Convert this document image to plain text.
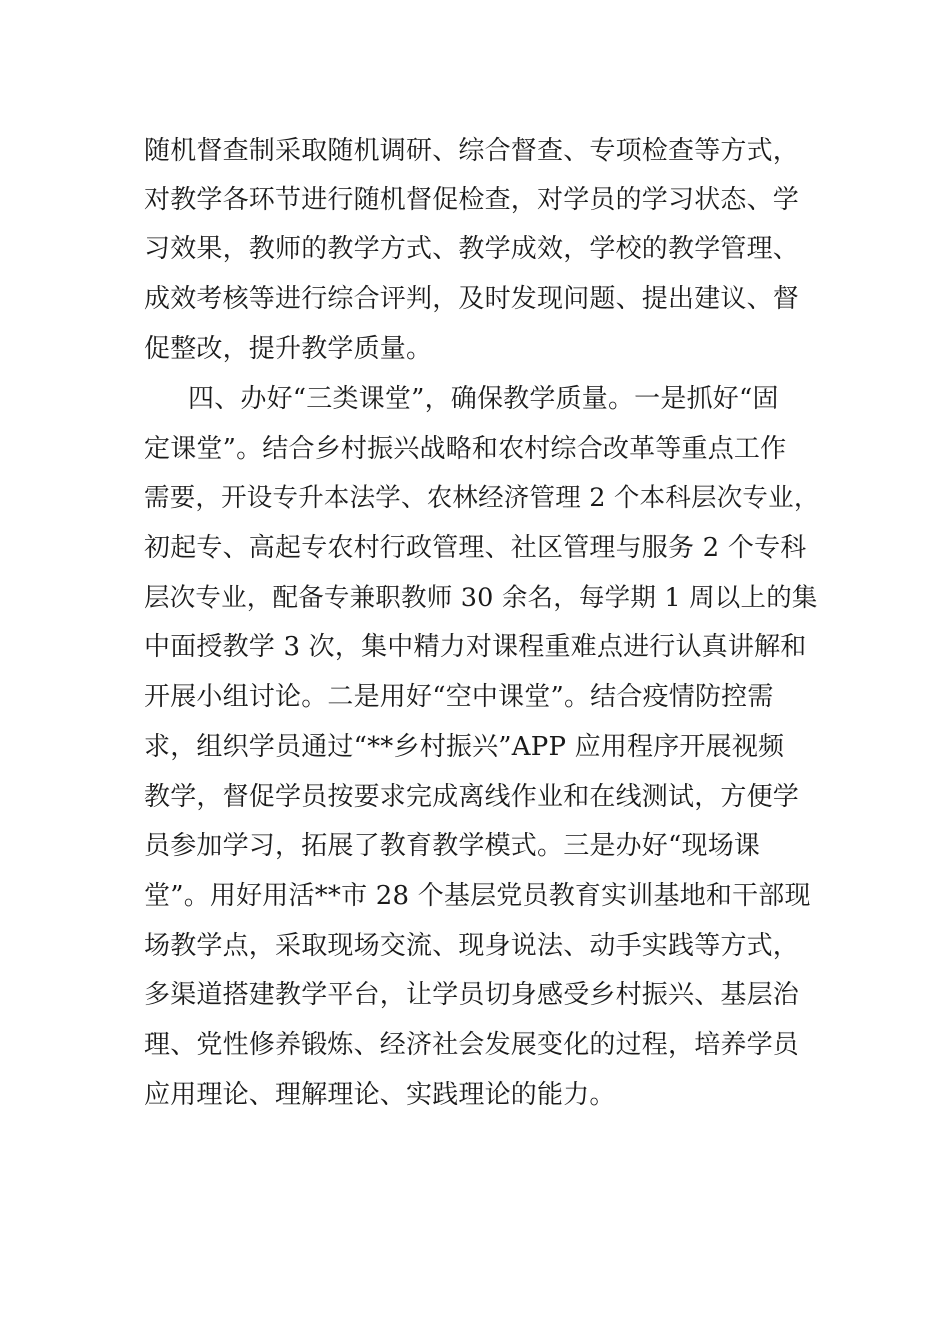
随机督查制采取随机调研、综合督查、专项检查等方式，
对教学各环节进行随机督促检查，对学员的学习状态、学
习效果，教师的教学方式、教学成效，学校的教学管理、
成效考核等进行综合评判，及时发现问题、提出建议、督
促整改，提升教学质量。
四、办好“三类课堂”，确保教学质量。一是抓好“固
定课堂”。结合乡村振兴战略和农村综合改革等重点工作
需要，开设专升本法学、农林经济管理 2 个本科层次专业，
初起专、高起专农村行政管理、社区管理与服务 2 个专科
层次专业，配备专兼职教师 30 余名，每学期 1 周以上的集
中面授教学 3 次，集中精力对课程重难点进行认真讲解和
开展小组讨论。二是用好“空中课堂”。结合疫情防控需
求，组织学员通过“**乡村振兴”APP 应用程序开展视频
教学，督促学员按要求完成离线作业和在线测试，方便学
员参加学习，拓展了教育教学模式。三是办好“现场课
堂”。用好用活**市 28 个基层党员教育实训基地和干部现
场教学点，采取现场交流、现身说法、动手实践等方式，
多渠道搭建教学平台，让学员切身感受乡村振兴、基层治
理、党性修养锻炼、经济社会发展变化的过程，培养学员
应用理论、理解理论、实践理论的能力。
